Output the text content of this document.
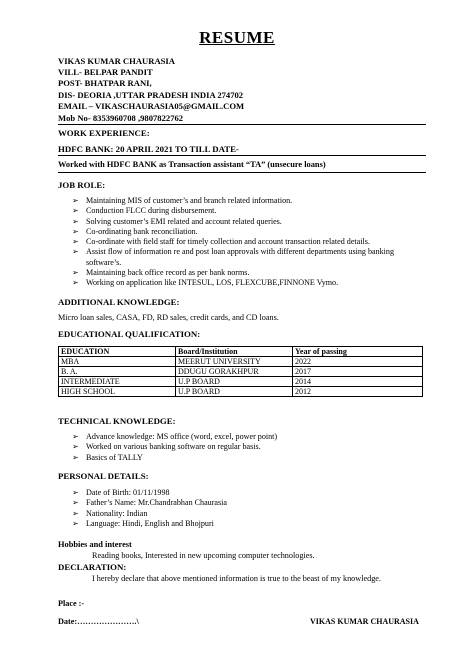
RESUME
VIKAS KUMAR CHAURASIA
VILL- BELPAR PANDIT
POST- BHATPAR RANI,
DIS- DEORIA ,UTTAR PRADESH INDIA 274702
EMAIL – VIKASCHAURASIA05@GMAIL.COM
Mob No- 8353960708 ,9807822762
WORK EXPERIENCE:
HDFC BANK: 20 APRIL 2021 TO TILL DATE-
Worked with HDFC BANK as Transaction assistant “TA” (unsecure loans)
JOB ROLE:
➢ Maintaining MIS of customer’s and branch related information.
➢ Conduction FLCC during disbursement.
➢ Solving customer’s EMI related and account related queries.
➢ Co-ordinating bank reconciliation.
➢ Co-ordinate with field staff for timely collection and account transaction related details.
➢ Assist flow of information re and post loan approvals with different departments using banking software’s.
➢ Maintaining back office record as per bank norms.
➢ Working on application like INTESUL, LOS, FLEXCUBE,FINNONE Vymo.
ADDITIONAL KNOWLEDGE:
Micro loan sales, CASA, FD, RD sales, credit cards, and CD loans.
EDUCATIONAL QUALIFICATION:
EDUCATION	Board/Institution	Year of passing
MBA	MEERUT UNIVERSITY	2022
B. A.	DDUGU GORAKHPUR	2017
INTERMEDIATE	U.P BOARD	2014
HIGH SCHOOL	U.P BOARD	2012
TECHNICAL KNOWLEDGE:
➢ Advance knowledge: MS office (word, excel, power point)
➢ Worked on various banking software on regular basis.
➢ Basics of TALLY
PERSONAL DETAILS:
➢ Date of Birth: 01/11/1998
➢ Father’s Name: Mr.Chandrabhan Chaurasia
➢ Nationality: Indian
➢ Language: Hindi, English and Bhojpuri
Hobbies and interest
Reading books, Interested in new upcoming computer technologies.
DECLARATION:
I hereby declare that above mentioned information is true to the beast of my knowledge.
Place :-
Date:………………….\	VIKAS KUMAR CHAURASIA
